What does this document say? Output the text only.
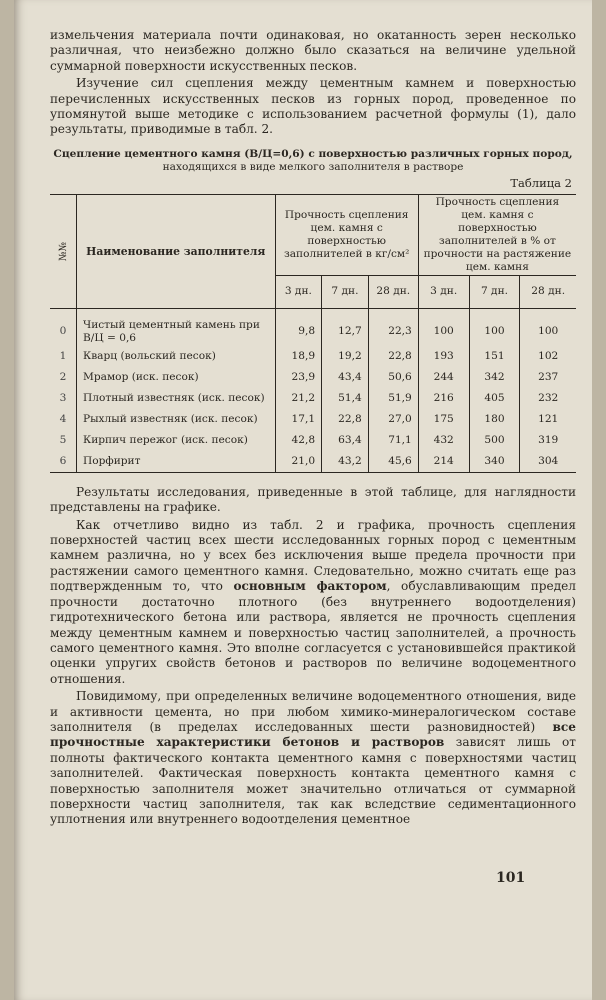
измельчения материала почти одинаковая, но окатанность зерен несколько различная, что неизбежно должно было сказаться на величине удельной суммарной поверхности искусственных песков.

Изучение сил сцепления между цементным камнем и поверхностью перечисленных искусственных песков из горных пород, проведенное по упомянутой выше методике с использованием расчетной формулы (1), дало результаты, приводимые в табл. 2.

Сцепление цементного камня (В/Ц=0,6) с поверхностью различных горных пород,
находящихся в виде мелкого заполнителя в растворе
Таблица 2
№№	Наименование заполнителя	Прочность сцепления цем. камня с поверхностью заполнителей в кг/см²			Прочность сцепления цем. камня с поверхностью заполнителей в % от прочности на растяжение цем. камня		
		3 дн.	7 дн.	28 дн.	3 дн.	7 дн.	28 дн.
0	Чистый цементный камень при В/Ц = 0,6	9,8	12,7	22,3	100	100	100
1	Кварц (вольский песок)	18,9	19,2	22,8	193	151	102
2	Мрамор (иск. песок)	23,9	43,4	50,6	244	342	237
3	Плотный известняк (иск. песок)	21,2	51,4	51,9	216	405	232
4	Рыхлый известняк (иск. песок)	17,1	22,8	27,0	175	180	121
5	Кирпич пережог (иск. песок)	42,8	63,4	71,1	432	500	319
6	Порфирит	21,0	43,2	45,6	214	340	304

Результаты исследования, приведенные в этой таблице, для наглядности представлены на графике.

Как отчетливо видно из табл. 2 и графика, прочность сцепления поверхностей частиц всех шести исследованных горных пород с цементным камнем различна, но у всех без исключения выше предела прочности при растяжении самого цементного камня. Следовательно, можно считать еще раз подтвержденным то, что основным фактором, обуславливающим предел прочности достаточно плотного (без внутреннего водоотделения) гидротехнического бетона или раствора, является не прочность сцепления между цементным камнем и поверхностью частиц заполнителей, а прочность самого цементного камня. Это вполне согласуется с установившейся практикой оценки упругих свойств бетонов и растворов по величине водоцементного отношения.

Повидимому, при определенных величине водоцементного отношения, виде и активности цемента, но при любом химико-минералогическом составе заполнителя (в пределах исследованных шести разновидностей) все прочностные характеристики бетонов и растворов зависят лишь от полноты фактического контакта цементного камня с поверхностями частиц заполнителей. Фактическая поверхность контакта цементного камня с поверхностью заполнителя может значительно отличаться от суммарной поверхности частиц заполнителя, так как вследствие седиментационного уплотнения или внутреннего водоотделения цементное

101
